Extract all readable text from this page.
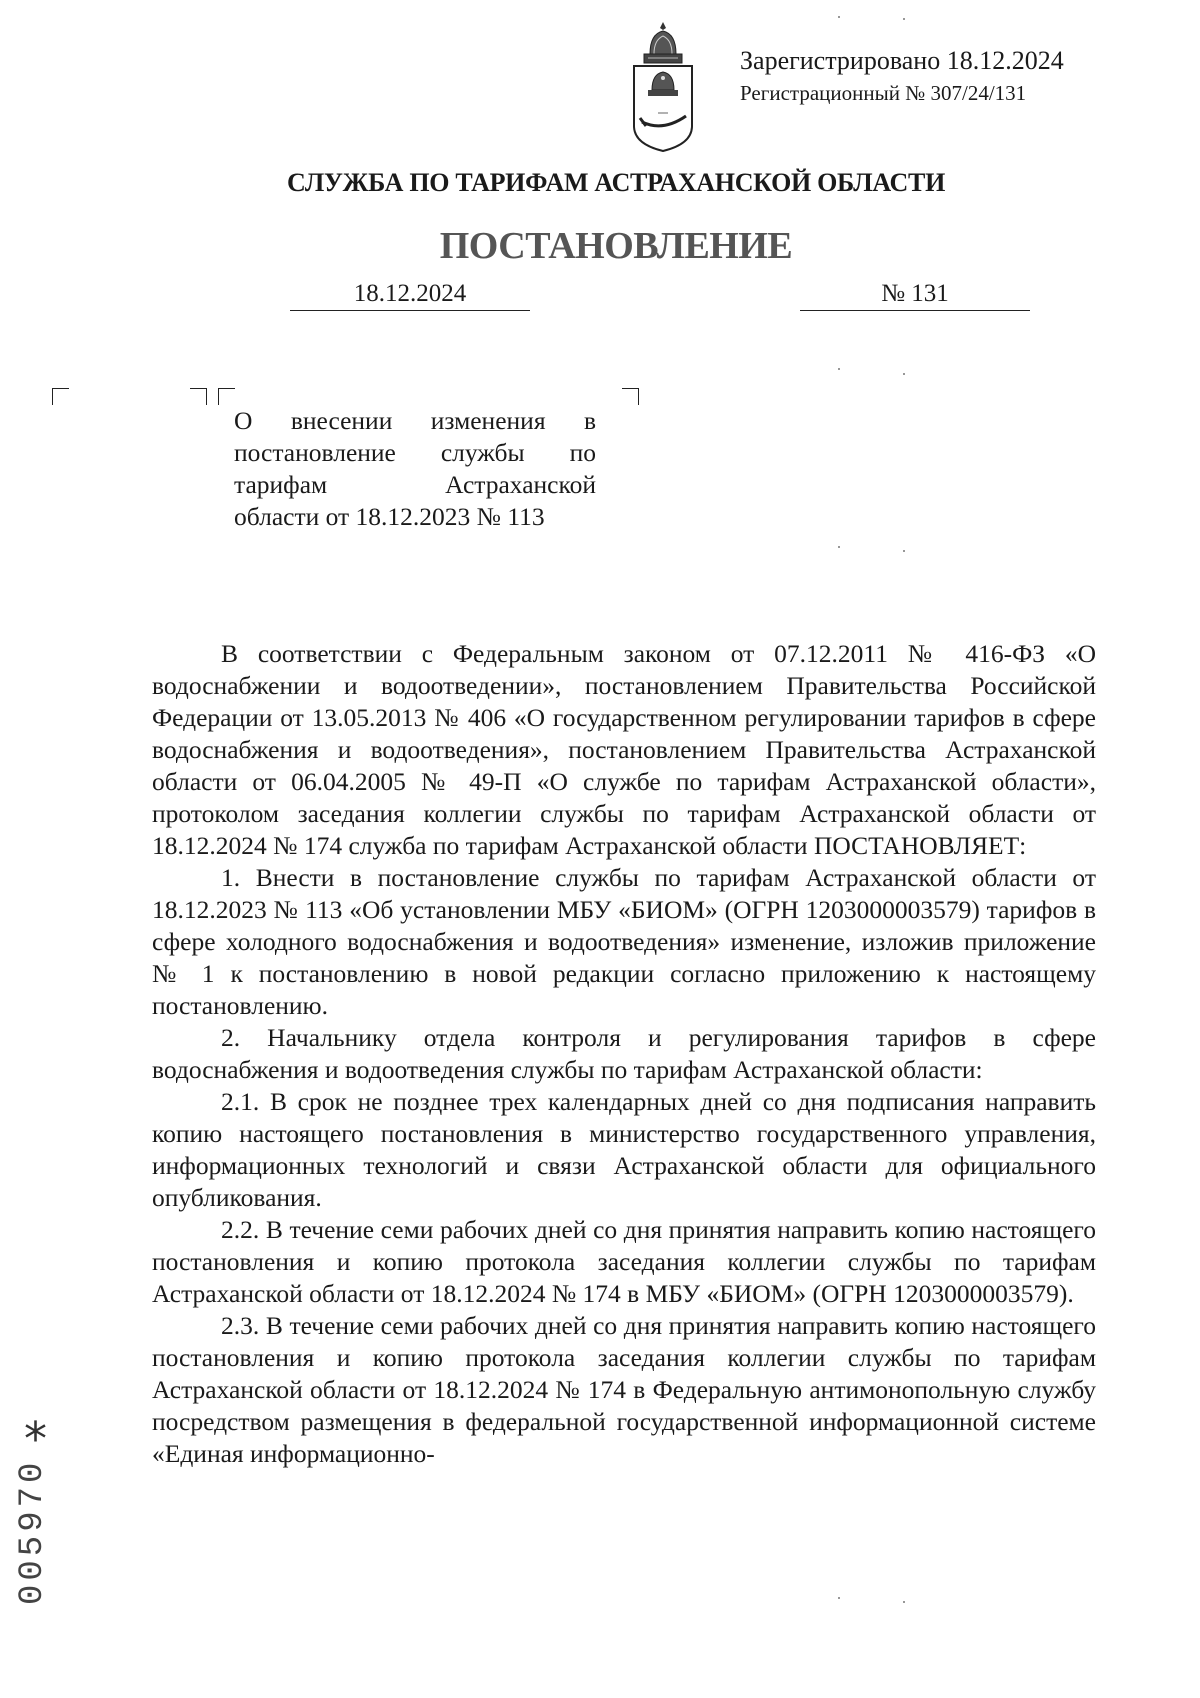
Зарегистрировано 18.12.2024
Регистрационный № 307/24/131
СЛУЖБА ПО ТАРИФАМ АСТРАХАНСКОЙ ОБЛАСТИ
ПОСТАНОВЛЕНИЕ
18.12.2024	№ 131
О внесении изменения в
постановление службы по
тарифам Астраханской
области от 18.12.2023 № 113

В соответствии с Федеральным законом от 07.12.2011 № 416-ФЗ «О водоснабжении и водоотведении», постановлением Правительства Российской Федерации от 13.05.2013 № 406 «О государственном регулировании тарифов в сфере водоснабжения и водоотведения», постановлением Правительства Астраханской области от 06.04.2005 № 49-П «О службе по тарифам Астраханской области», протоколом заседания коллегии службы по тарифам Астраханской области от 18.12.2024 № 174 служба по тарифам Астраханской области ПОСТАНОВЛЯЕТ:

1. Внести в постановление службы по тарифам Астраханской области от 18.12.2023 № 113 «Об установлении МБУ «БИОМ» (ОГРН 1203000003579) тарифов в сфере холодного водоснабжения и водоотведения» изменение, изложив приложение № 1 к постановлению в новой редакции согласно приложению к настоящему постановлению.

2. Начальнику отдела контроля и регулирования тарифов в сфере водоснабжения и водоотведения службы по тарифам Астраханской области:

2.1. В срок не позднее трех календарных дней со дня подписания направить копию настоящего постановления в министерство государственного управления, информационных технологий и связи Астраханской области для официального опубликования.

2.2. В течение семи рабочих дней со дня принятия направить копию настоящего постановления и копию протокола заседания коллегии службы по тарифам Астраханской области от 18.12.2024 № 174 в МБУ «БИОМ» (ОГРН 1203000003579).

2.3. В течение семи рабочих дней со дня принятия направить копию настоящего постановления и копию протокола заседания коллегии службы по тарифам Астраханской области от 18.12.2024 № 174 в Федеральную антимонопольную службу посредством размещения в федеральной государственной информационной системе «Единая информационно-

*
005970
